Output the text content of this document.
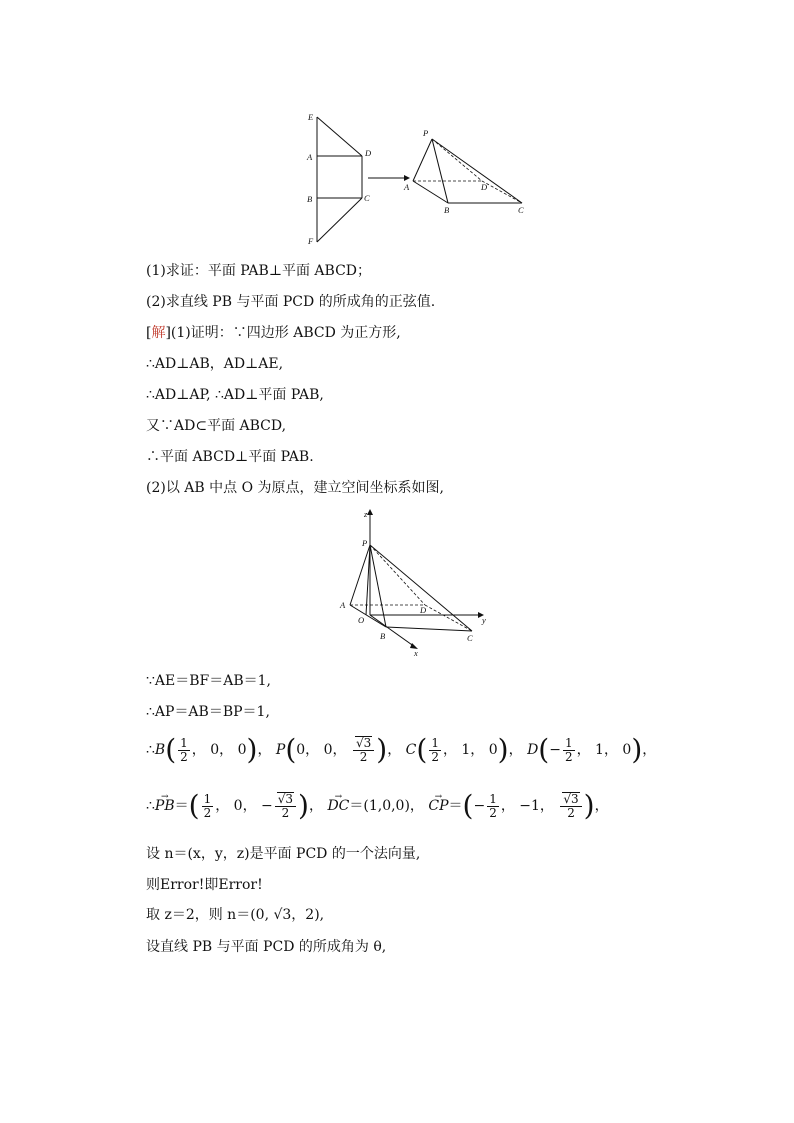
E
A
B
F
D
C
P
A
B
D
C
(1)求证：平面 PAB⊥平面 ABCD；
(2)求直线 PB 与平面 PCD 的所成角的正弦值.
[解](1)证明：∵四边形 ABCD 为正方形,
∴AD⊥AB，AD⊥AE,
∴AD⊥AP, ∴AD⊥平面 PAB,
又∵AD⊂平面 ABCD,
∴平面 ABCD⊥平面 PAB.
(2)以 AB 中点 O 为原点，建立空间坐标系如图,
z
P
A
O
D
B	C
x
y
∵AE＝BF＝AB＝1,
∴AP＝AB＝BP＝1,
∴B( $\frac{1}{2}$ ， 0， 0)， P(0， 0， $\frac{√3}{2}$ )， $C( \frac{1}{2}$ ， 1， 0)， $D(- \frac{1}{2}$ ， 1， 0)，
∴→ $PB=( \frac{1}{2}$ ， 0， − $\frac{√3}{2}$ )， → DC＝(1,0,0)， → $CP=(- \frac{1}{2}$ ， −1， $\frac{√3}{2}$ )，
设 n＝(x，y，z)是平面 PCD 的一个法向量,
则Error!即Error!
取 z＝2，则 n＝(0, √3，2),
设直线 PB 与平面 PCD 的所成角为 θ,
